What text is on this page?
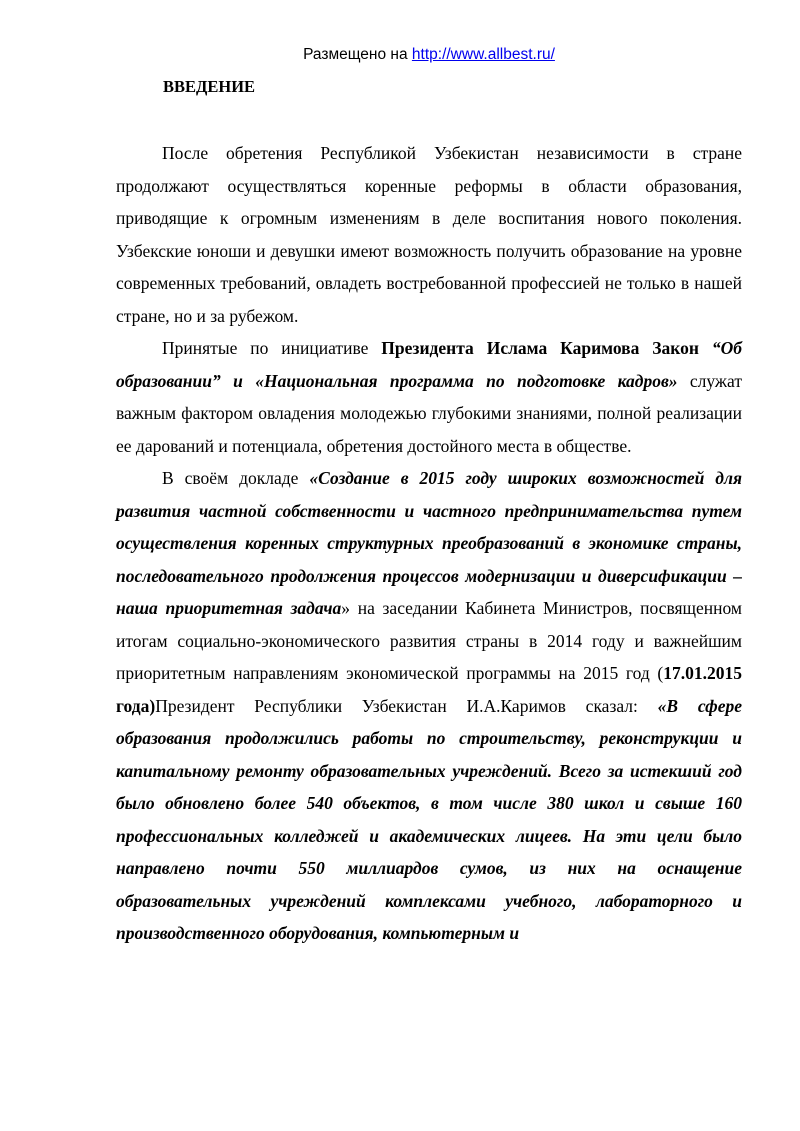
Размещено на http://www.allbest.ru/
ВВЕДЕНИЕ

После обретения Республикой Узбекистан независимости в стране продолжают осуществляться коренные реформы в области образования, приводящие к огромным изменениям в деле воспитания нового поколения. Узбекские юноши и девушки имеют возможность получить образование на уровне современных требований, овладеть востребованной профессией не только в нашей стране, но и за рубежом.

Принятые по инициативе Президента Ислама Каримова Закон “Об образовании” и «Национальная программа по подготовке кадров» служат важным фактором овладения молодежью глубокими знаниями, полной реализации ее дарований и потенциала, обретения достойного места в обществе.

В своём докладе «Создание в 2015 году широких возможностей для развития частной собственности и частного предпринимательства путем осуществления коренных структурных преобразований в экономике страны, последовательного продолжения процессов модернизации и диверсификации – наша приоритетная задача» на заседании Кабинета Министров, посвященном итогам социально-экономического развития страны в 2014 году и важнейшим приоритетным направлениям экономической программы на 2015 год (17.01.2015 года)Президент Республики Узбекистан И.А.Каримов сказал: «В сфере образования продолжились работы по строительству, реконструкции и капитальному ремонту образовательных учреждений. Всего за истекший год было обновлено более 540 объектов, в том числе 380 школ и свыше 160 профессиональных колледжей и академических лицеев. На эти цели было направлено почти 550 миллиардов сумов, из них на оснащение образовательных учреждений комплексами учебного, лабораторного и производственного оборудования, компьютерным и
